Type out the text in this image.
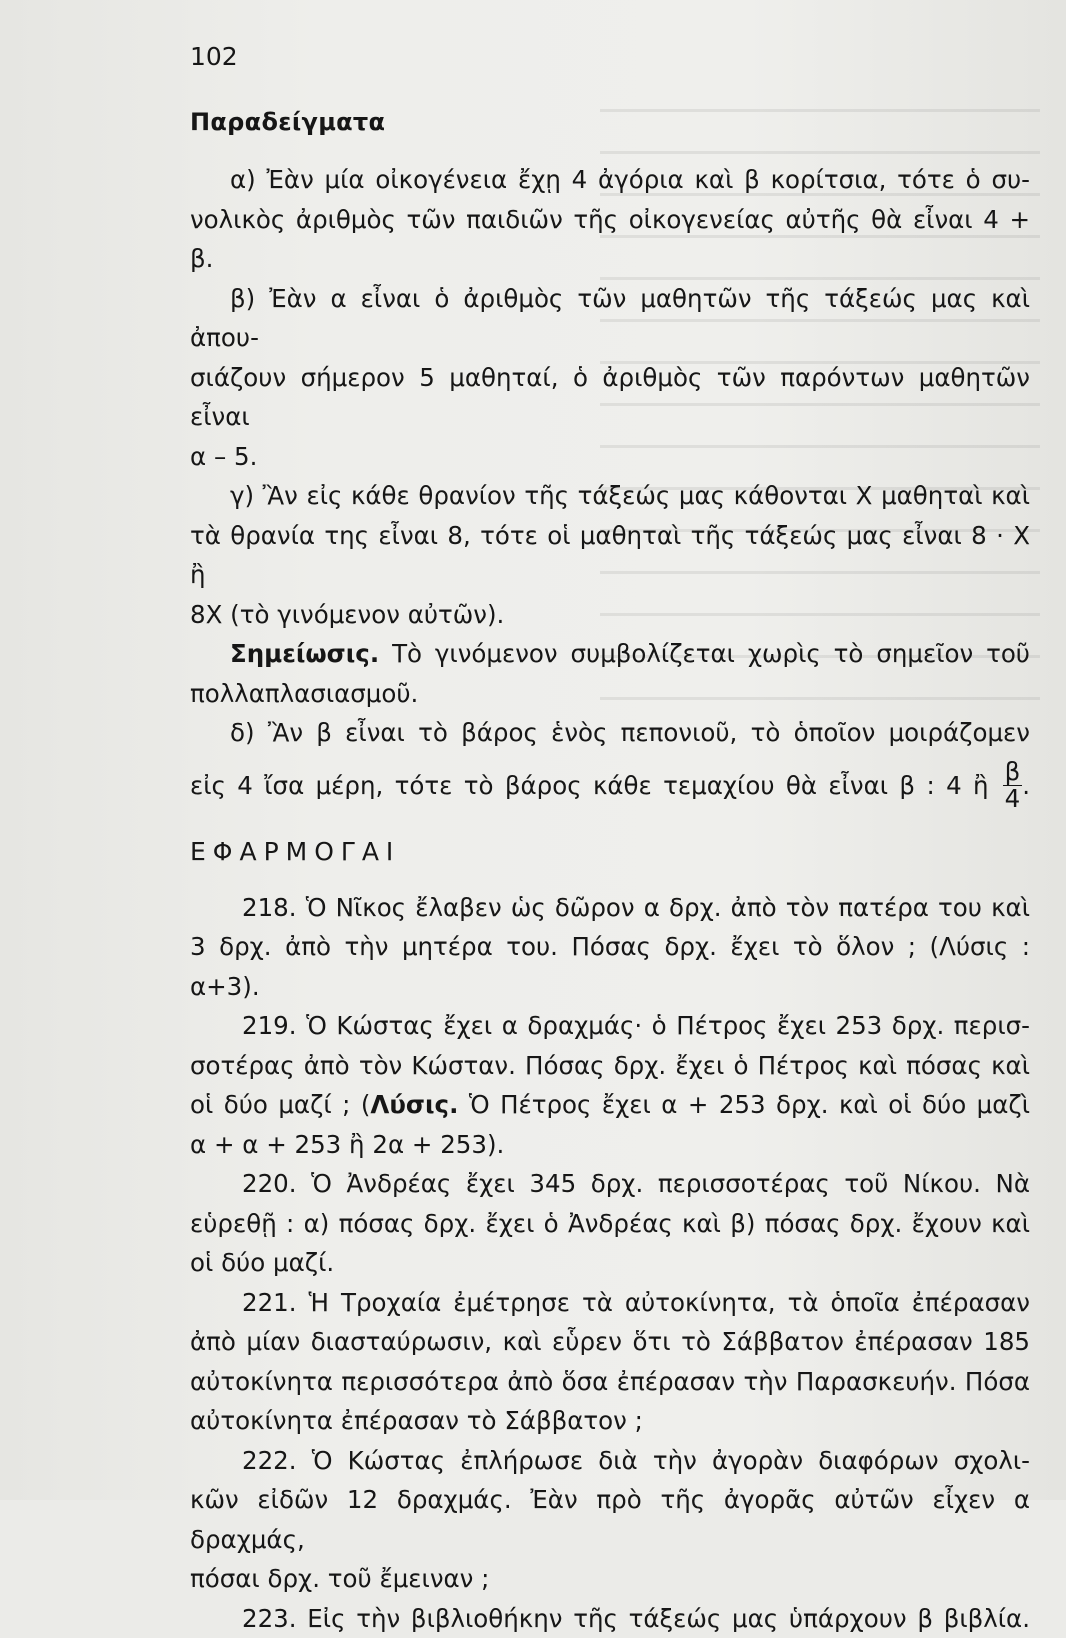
102
Παραδείγματα

α) Ἐὰν μία οἰκογένεια ἔχῃ 4 ἀγόρια καὶ β κορίτσια, τότε ὁ συ-
νολικὸς ἀριθμὸς τῶν παιδιῶν τῆς οἰκογενείας αὐτῆς θὰ εἶναι 4 + β.

β) Ἐὰν α εἶναι ὁ ἀριθμὸς τῶν μαθητῶν τῆς τάξεώς μας καὶ ἀπου-
σιάζουν σήμερον 5 μαθηταί, ὁ ἀριθμὸς τῶν παρόντων μαθητῶν εἶναι
α – 5.

γ) Ἂν εἰς κάθε θρανίον τῆς τάξεώς μας κάθονται Χ μαθηταὶ καὶ
τὰ θρανία της εἶναι 8, τότε οἱ μαθηταὶ τῆς τάξεώς μας εἶναι 8 · Χ ἢ
8Χ (τὸ γινόμενον αὐτῶν).

Σημείωσις. Τὸ γινόμενον συμβολίζεται χωρὶς τὸ σημεῖον τοῦ
πολλαπλασιασμοῦ.

δ) Ἂν β εἶναι τὸ βάρος ἑνὸς πεπονιοῦ, τὸ ὁποῖον μοιράζομεν

εἰς 4 ἴσα μέρη, τότε τὸ βάρος κάθε τεμαχίου θὰ εἶναι β : 4 ἢ $\frac{\beta}{4}$ .
ΕΦΑΡΜΟΓΑΙ

218. Ὁ Νῖκος ἔλαβεν ὡς δῶρον α δρχ. ἀπὸ τὸν πατέρα του καὶ
3 δρχ. ἀπὸ τὴν μητέρα του. Πόσας δρχ. ἔχει τὸ ὅλον ; (Λύσις : α+3).

219. Ὁ Κώστας ἔχει α δραχμάς· ὁ Πέτρος ἔχει 253 δρχ. περισ-
σοτέρας ἀπὸ τὸν Κώσταν. Πόσας δρχ. ἔχει ὁ Πέτρος καὶ πόσας καὶ
οἱ δύο μαζί ; (Λύσις. Ὁ Πέτρος ἔχει α + 253 δρχ. καὶ οἱ δύο μαζὶ
α + α + 253 ἢ 2α + 253).

220. Ὁ Ἀνδρέας ἔχει 345 δρχ. περισσοτέρας τοῦ Νίκου. Νὰ
εὑρεθῇ : α) πόσας δρχ. ἔχει ὁ Ἀνδρέας καὶ β) πόσας δρχ. ἔχουν καὶ
οἱ δύο μαζί.

221. Ἡ Τροχαία ἐμέτρησε τὰ αὐτοκίνητα, τὰ ὁποῖα ἐπέρασαν
ἀπὸ μίαν διασταύρωσιν, καὶ εὗρεν ὅτι τὸ Σάββατον ἐπέρασαν 185
αὐτοκίνητα περισσότερα ἀπὸ ὅσα ἐπέρασαν τὴν Παρασκευήν. Πόσα
αὐτοκίνητα ἐπέρασαν τὸ Σάββατον ;

222. Ὁ Κώστας ἐπλήρωσε διὰ τὴν ἀγορὰν διαφόρων σχολι-
κῶν εἰδῶν 12 δραχμάς. Ἐὰν πρὸ τῆς ἀγορᾶς αὐτῶν εἶχεν α δραχμάς,
πόσαι δρχ. τοῦ ἔμειναν ;

223. Εἰς τὴν βιβλιοθήκην τῆς τάξεώς μας ὑπάρχουν β βιβλία.
